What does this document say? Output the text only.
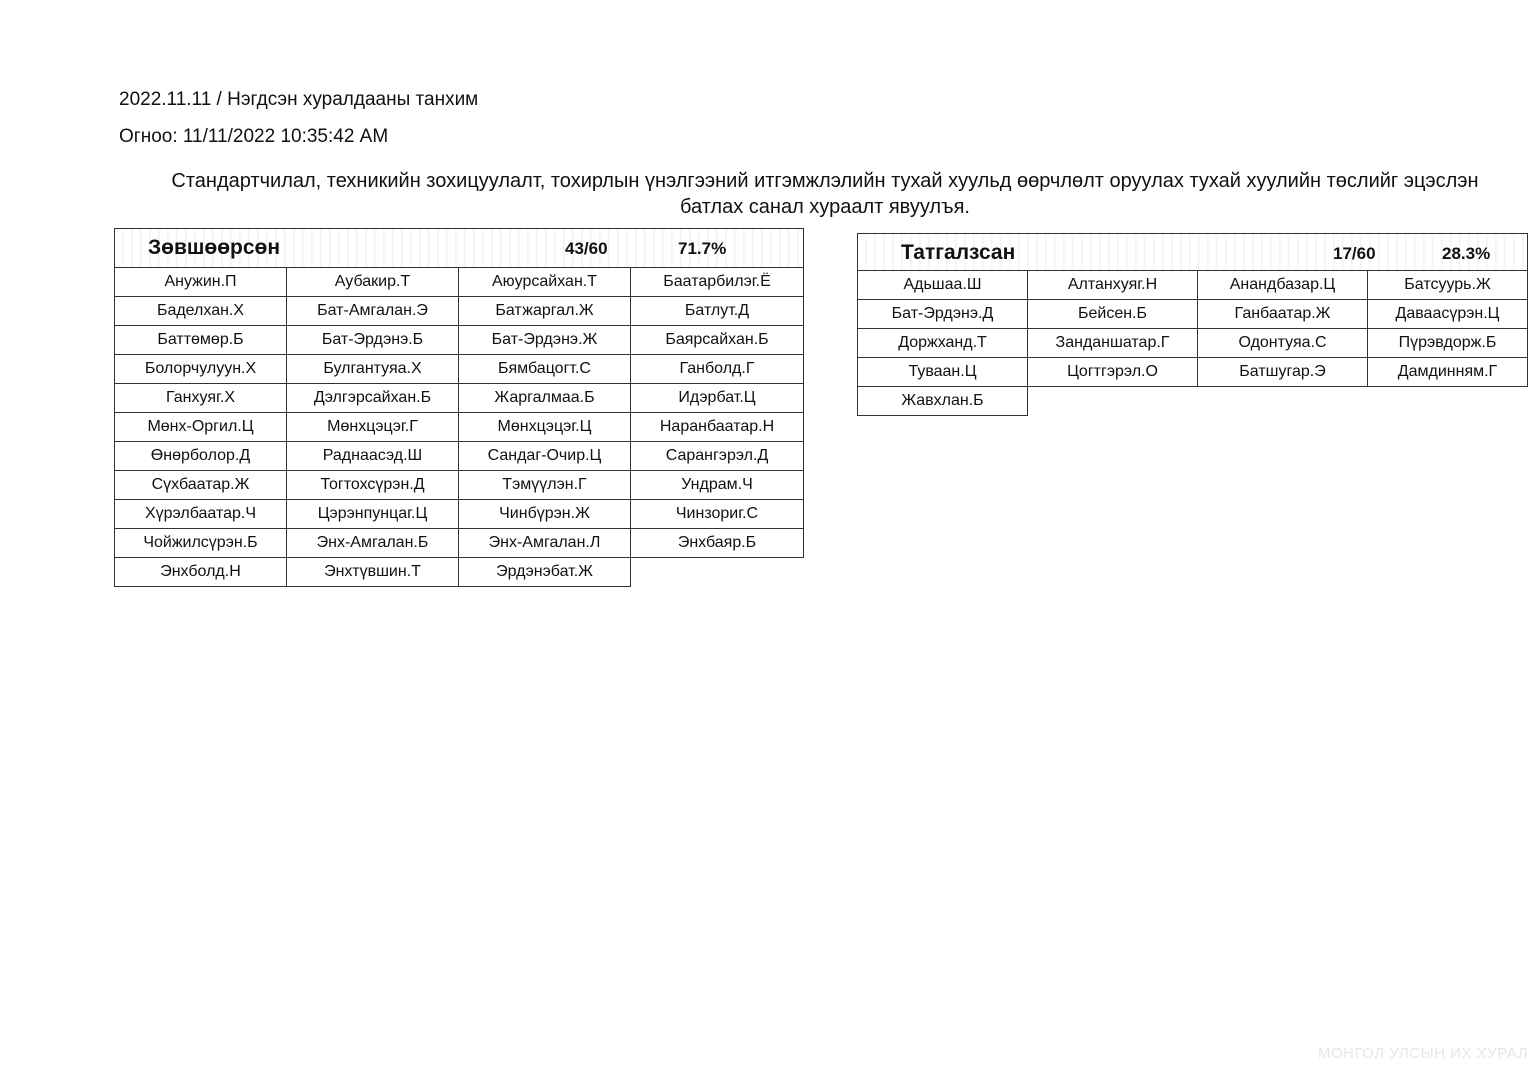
2022.11.11 / Нэгдсэн хуралдааны танхим
Огноо: 11/11/2022 10:35:42 AM
Стандартчилал, техникийн зохицуулалт, тохирлын үнэлгээний итгэмжлэлийн тухай хуульд өөрчлөлт оруулах тухай хуулийн төслийг эцэслэн батлах санал хураалт явуулъя.
Зөвшөөрсөн 43/60 71.7%			

Анужин.П	Аубакир.Т	Аюурсайхан.Т	Баатарбилэг.Ё
Баделхан.Х	Бат-Амгалан.Э	Батжаргал.Ж	Батлут.Д
Баттөмөр.Б	Бат-Эрдэнэ.Б	Бат-Эрдэнэ.Ж	Баярсайхан.Б
Болорчулуун.Х	Булгантуяа.Х	Бямбацогт.С	Ганболд.Г
Ганхуяг.Х	Дэлгэрсайхан.Б	Жаргалмаа.Б	Идэрбат.Ц
Мөнх-Оргил.Ц	Мөнхцэцэг.Г	Мөнхцэцэг.Ц	Наранбаатар.Н
Өнөрболор.Д	Раднаасэд.Ш	Сандаг-Очир.Ц	Сарангэрэл.Д
Сүхбаатар.Ж	Тогтохсүрэн.Д	Тэмүүлэн.Г	Ундрам.Ч
Хүрэлбаатар.Ч	Цэрэнпунцаг.Ц	Чинбүрэн.Ж	Чинзориг.С
Чойжилсүрэн.Б	Энх-Амгалан.Б	Энх-Амгалан.Л	Энхбаяр.Б
Энхболд.Н	Энхтүвшин.Т	Эрдэнэбат.Ж	
Татгалзсан 17/60 28.3%			

Адьшаа.Ш	Алтанхуяг.Н	Анандбазар.Ц	Батсуурь.Ж
Бат-Эрдэнэ.Д	Бейсен.Б	Ганбаатар.Ж	Даваасүрэн.Ц
Доржханд.Т	Занданшатар.Г	Одонтуяа.С	Пүрэвдорж.Б
Туваан.Ц	Цогтгэрэл.О	Батшугар.Э	Дамдинням.Г
Жавхлан.Б			
МОНГОЛ УЛСЫН ИХ ХУРАЛ
